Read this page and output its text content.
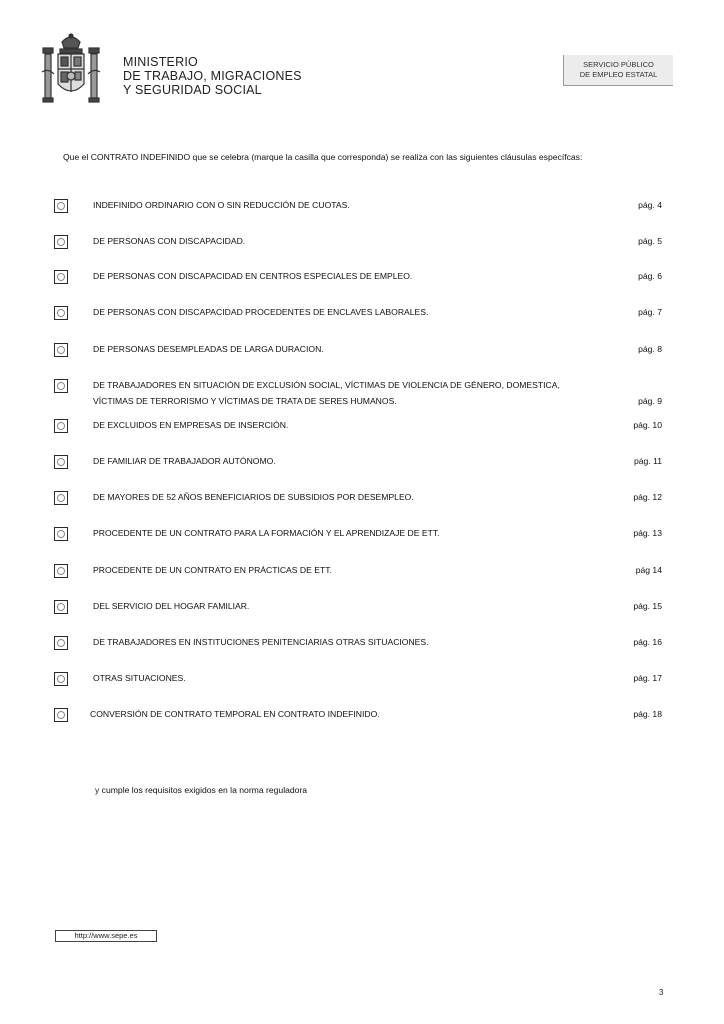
MINISTERIO
DE TRABAJO, MIGRACIONES
Y SEGURIDAD SOCIAL
SERVICIO PÚBLICO
DE EMPLEO ESTATAL
Que el CONTRATO INDEFINIDO que se celebra (marque la casilla que corresponda) se realiza con las siguientes cláusulas específcas:
INDEFINIDO ORDINARIO CON O SIN REDUCCIÓN DE CUOTAS.	pág. 4
DE PERSONAS CON DISCAPACIDAD.	pág. 5
DE PERSONAS CON DISCAPACIDAD EN CENTROS ESPECIALES DE EMPLEO.	pág. 6
DE PERSONAS CON DISCAPACIDAD PROCEDENTES DE ENCLAVES LABORALES.	pág. 7
DE PERSONAS DESEMPLEADAS DE LARGA DURACION.	pág. 8
DE TRABAJADORES EN SITUACIÓN DE EXCLUSIÓN SOCIAL, VÍCTIMAS DE VIOLENCIA DE GÉNERO, DOMESTICA,
VÍCTIMAS DE TERRORISMO Y VÍCTIMAS DE TRATA DE SERES HUMANOS.	pág. 9
DE EXCLUIDOS EN EMPRESAS DE INSERCIÓN.	pág. 10
DE FAMILIAR DE TRABAJADOR AUTÓNOMO.	pág. 11
DE MAYORES DE 52 AÑOS BENEFICIARIOS DE SUBSIDIOS POR DESEMPLEO.	pág. 12
PROCEDENTE DE UN CONTRATO PARA LA FORMACIÓN Y EL APRENDIZAJE DE ETT.	pág. 13
PROCEDENTE DE UN CONTRATO EN PRÁCTICAS DE ETT.	pág 14
DEL SERVICIO DEL HOGAR FAMILIAR.	pág. 15
DE TRABAJADORES EN INSTITUCIONES PENITENCIARIAS OTRAS SITUACIONES.	pág. 16
OTRAS SITUACIONES.	pág. 17
CONVERSIÓN DE CONTRATO TEMPORAL EN CONTRATO INDEFINIDO.	pág. 18
y cumple los requisitos exigidos en la norma reguladora
http://www.sepe.es
3
